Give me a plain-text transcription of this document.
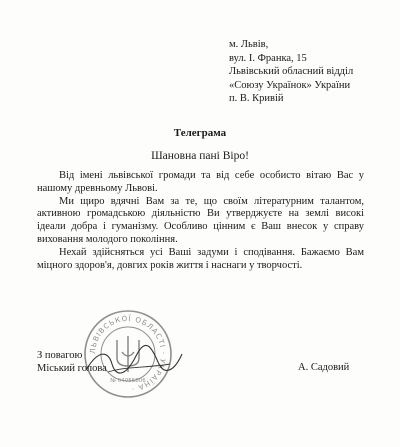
м. Львів,
вул. І. Франка, 15
Львівський обласний відділ
«Союзу Українок» України
п. В. Кривій
Телеграма
Шановна пані Віро!

Від імені львівської громади та від себе особисто вітаю Вас у нашому древньому Львові.

Ми щиро вдячні Вам за те, що своїм літературним талантом, активною громадською діяльністю Ви утверджуєте на землі високі ідеали добра і гуманізму. Особливо цінним є Ваш внесок у справу виховання молодого покоління.

Нехай здійсняться усі Ваші задуми і сподівання. Бажаємо Вам міцного здоров'я, довгих років життя і наснаги у творчості.

ЛЬВІВСЬКОЇ ОБЛАСТІ · УКРАЇНА ·
№ 04055806
З повагою
Міський голова	А. Садовий
